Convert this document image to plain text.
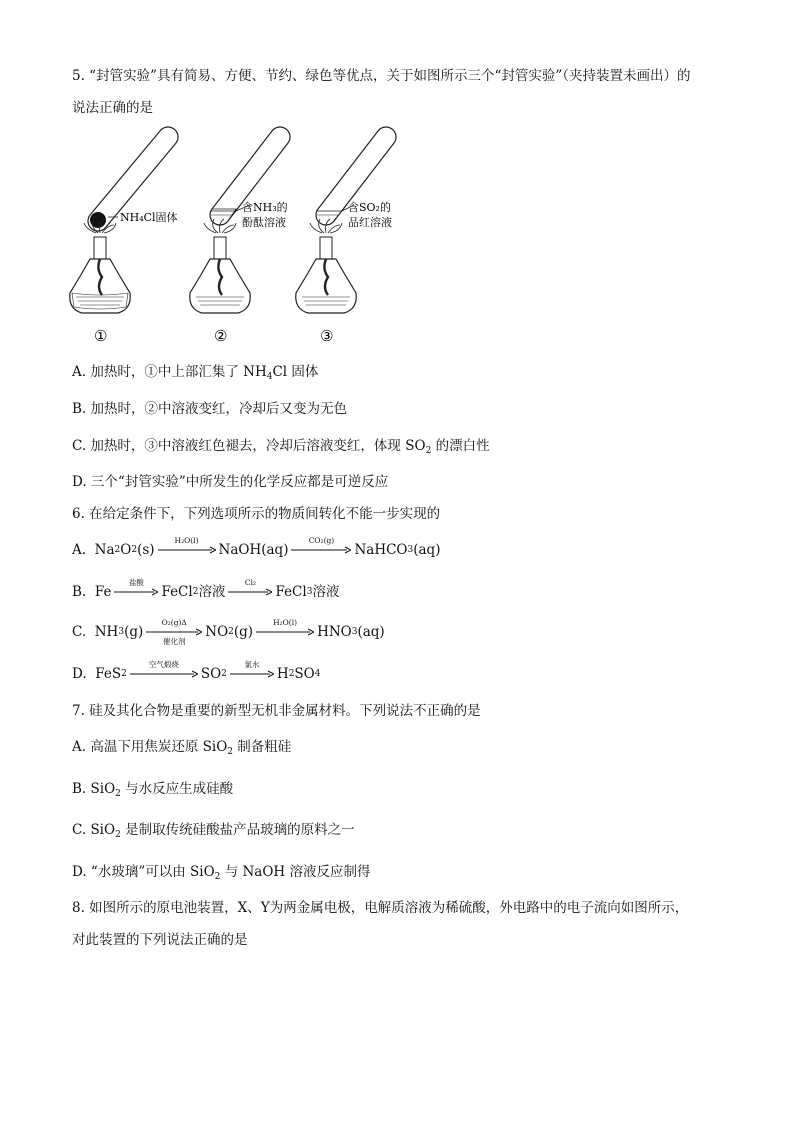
5. “封管实验”具有简易、方便、节约、绿色等优点，关于如图所示三个“封管实验”（夹持装置未画出）的
说法正确的是
NH₄Cl固体
含NH₃的
酚酞溶液
含SO₂的
品红溶液
①	②	③
A. 加热时，①中上部汇集了 $NH_4Cl$ 固体
B. 加热时，②中溶液变红，冷却后又变为无色
C. 加热时，③中溶液红色褪去，冷却后溶液变红，体现 $SO_2$ 的漂白性
D. 三个“封管实验”中所发生的化学反应都是可逆反应
6. 在给定条件下，下列选项所示的物质间转化不能一步实现的
A.
Na 2 O 2 (s)
H₂O(l)
NaOH(aq)
CO₂(g)
NaHCO 3 (aq)
B.
Fe
盐酸
FeCl 2 溶液
Cl₂
FeCl 3 溶液
C.
NH 3 (g)
O₂(g)Δ
催化剂
NO 2 (g)
H₂O(l)
HNO 3 (aq)
D.
FeS 2
空气煅烧
SO 2
氯水
H 2 SO 4
7. 硅及其化合物是重要的新型无机非金属材料。下列说法不正确的是
A. 高温下用焦炭还原 SiO$_2$ 制备粗硅
B. SiO$_2$ 与水反应生成硅酸
C. SiO$_2$ 是制取传统硅酸盐产品玻璃的原料之一
D. “水玻璃”可以由 SiO$_2$ 与 NaOH 溶液反应制得
8. 如图所示的原电池装置，X、Y为两金属电极，电解质溶液为稀硫酸，外电路中的电子流向如图所示，
对此装置的下列说法正确的是
